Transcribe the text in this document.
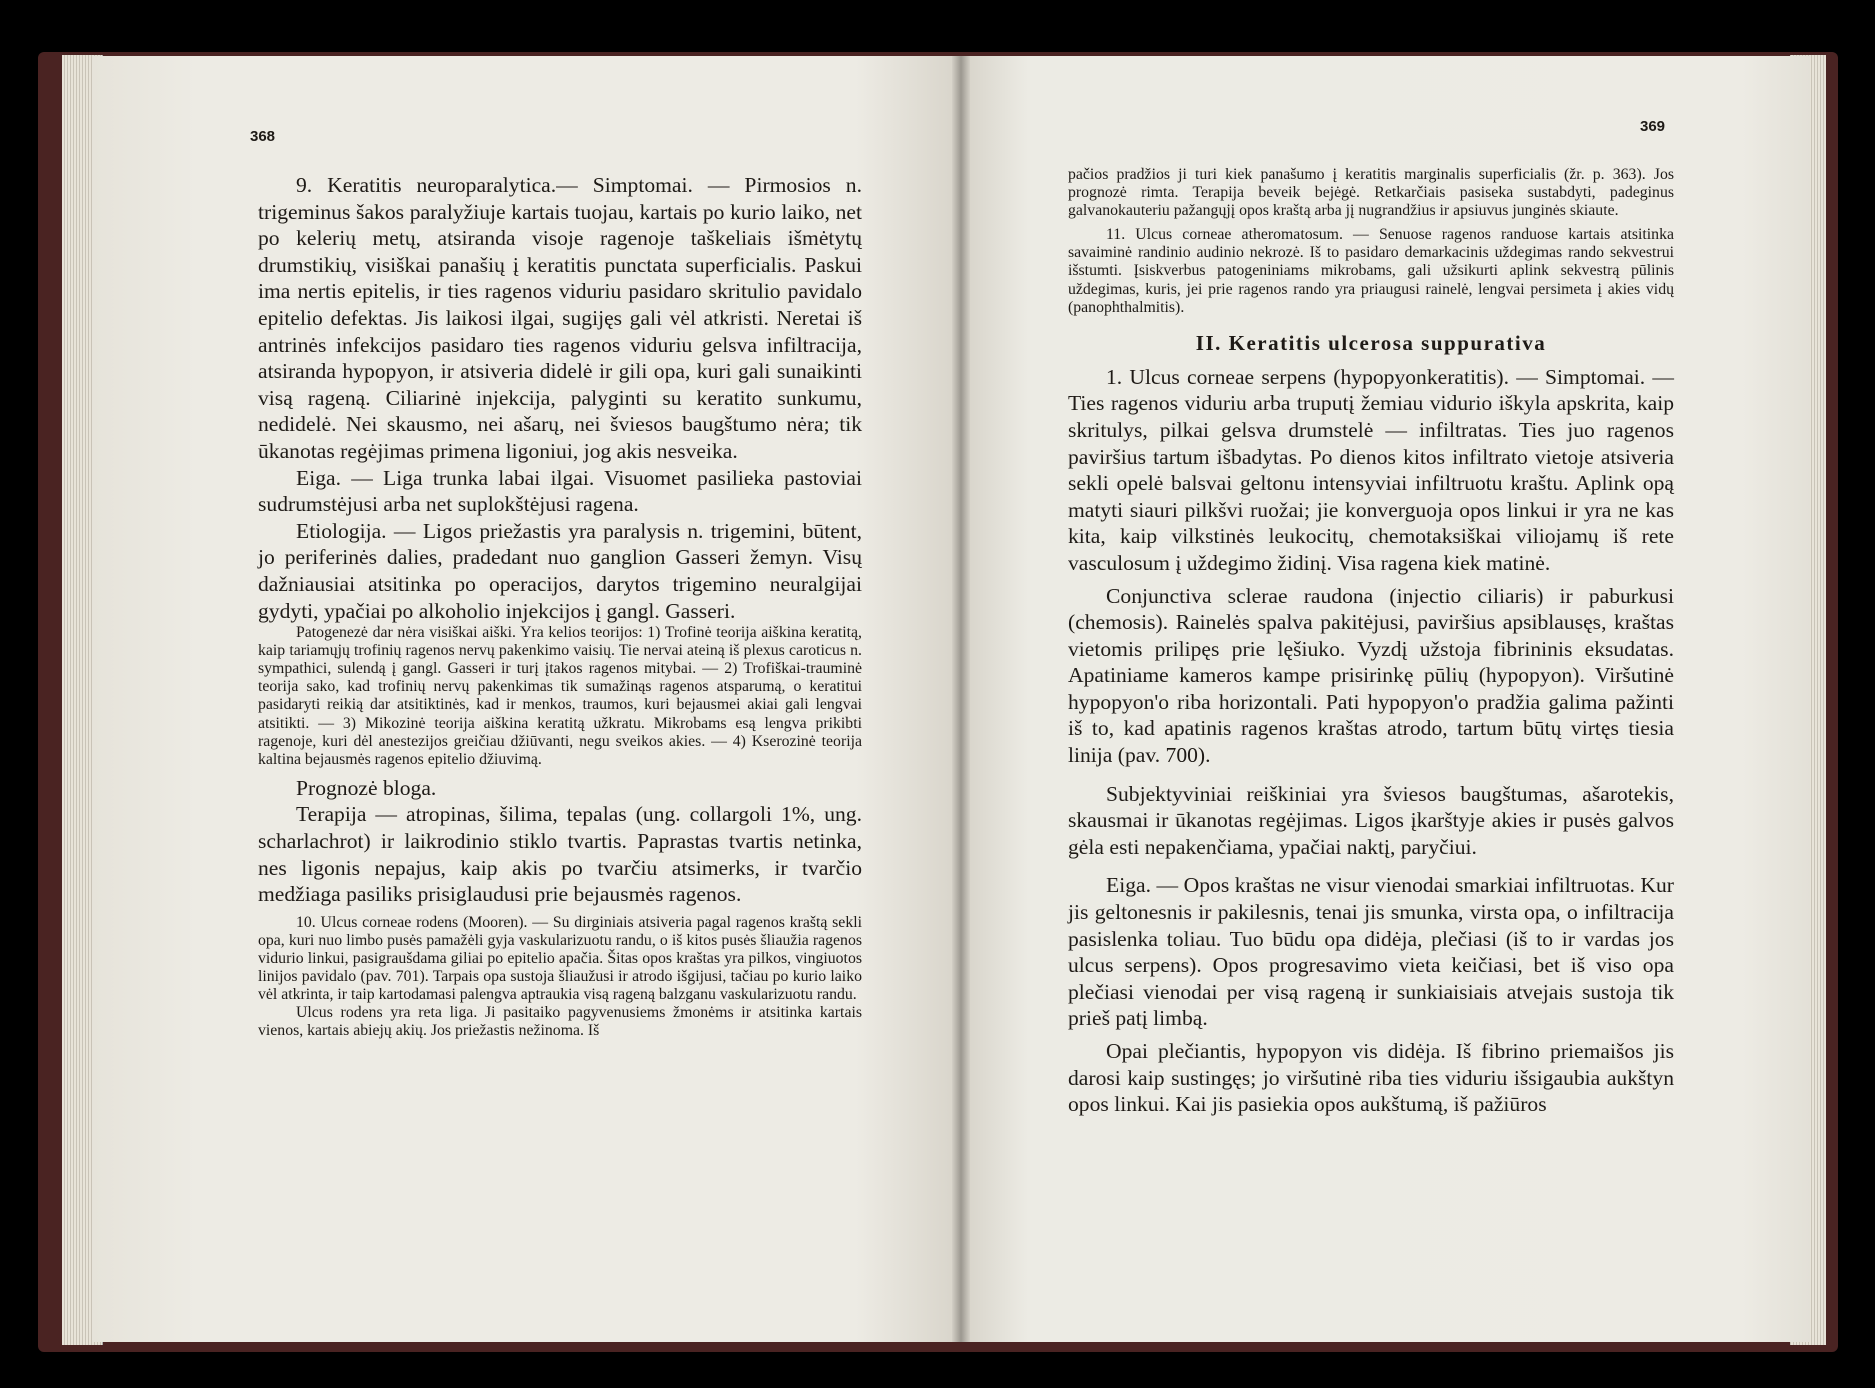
368

9. Keratitis neuroparalytica.— Simptomai. — Pirmosios n. trigeminus šakos paralyžiuje kartais tuojau, kartais po kurio laiko, net po kelerių metų, atsiranda visoje ragenoje taškeliais išmėtytų drumstikių, visiškai panašių į keratitis punctata superficialis. Paskui ima nertis epitelis, ir ties ragenos viduriu pasidaro skritulio pavidalo epitelio defektas. Jis laikosi ilgai, sugijęs gali vėl atkristi. Neretai iš antrinės infekcijos pasidaro ties ragenos viduriu gelsva infiltracija, atsiranda hypopyon, ir atsiveria didelė ir gili opa, kuri gali sunaikinti visą rageną. Ciliarinė injekcija, palyginti su keratito sunkumu, nedidelė. Nei skausmo, nei ašarų, nei šviesos baugštumo nėra; tik ūkanotas regėjimas primena ligoniui, jog akis nesveika.

Eiga. — Liga trunka labai ilgai. Visuomet pasilieka pastoviai sudrumstėjusi arba net suplokštėjusi ragena.

Etiologija. — Ligos priežastis yra paralysis n. trigemini, būtent, jo periferinės dalies, pradedant nuo ganglion Gasseri žemyn. Visų dažniausiai atsitinka po operacijos, darytos trigemino neuralgijai gydyti, ypačiai po alkoholio injekcijos į gangl. Gasseri.

Patogenezė dar nėra visiškai aiški. Yra kelios teorijos: 1) Trofinė teorija aiškina keratitą, kaip tariamųjų trofinių ragenos nervų pakenkimo vaisių. Tie nervai ateiną iš plexus caroticus n. sympathici, sulendą į gangl. Gasseri ir turį įtakos ragenos mitybai. — 2) Trofiškai-trauminė teorija sako, kad trofinių nervų pakenkimas tik sumažinąs ragenos atsparumą, o keratitui pasidaryti reikią dar atsitiktinės, kad ir menkos, traumos, kuri bejausmei akiai gali lengvai atsitikti. — 3) Mikozinė teorija aiškina keratitą užkratu. Mikrobams esą lengva prikibti ragenoje, kuri dėl anestezijos greičiau džiūvanti, negu sveikos akies. — 4) Kserozinė teorija kaltina bejausmės ragenos epitelio džiuvimą.

Prognozė bloga.

Terapija — atropinas, šilima, tepalas (ung. collargoli 1%, ung. scharlachrot) ir laikrodinio stiklo tvartis. Paprastas tvartis netinka, nes ligonis nepajus, kaip akis po tvarčiu atsimerks, ir tvarčio medžiaga pasiliks prisiglaudusi prie bejausmės ragenos.

10. Ulcus corneae rodens (Mooren). — Su dirginiais atsiveria pagal ragenos kraštą sekli opa, kuri nuo limbo pusės pamažėli gyja vaskularizuotu randu, o iš kitos pusės šliaužia ragenos vidurio linkui, pasigraušdama giliai po epitelio apačia. Šitas opos kraštas yra pilkos, vingiuotos linijos pavidalo (pav. 701). Tarpais opa sustoja šliaužusi ir atrodo išgijusi, tačiau po kurio laiko vėl atkrinta, ir taip kartodamasi palengva aptraukia visą rageną balzganu vaskularizuotu randu.

Ulcus rodens yra reta liga. Ji pasitaiko pagyvenusiems žmonėms ir atsitinka kartais vienos, kartais abiejų akių. Jos priežastis nežinoma. Iš

369

pačios pradžios ji turi kiek panašumo į keratitis marginalis superficialis (žr. p. 363). Jos prognozė rimta. Terapija beveik bejėgė. Retkarčiais pasiseka sustabdyti, padeginus galvanokauteriu pažangųjį opos kraštą arba jį nugrandžius ir apsiuvus junginės skiaute.

11. Ulcus corneae atheromatosum. — Senuose ragenos randuose kartais atsitinka savaiminė randinio audinio nekrozė. Iš to pasidaro demarkacinis uždegimas rando sekvestrui išstumti. Įsiskverbus patogeniniams mikrobams, gali užsikurti aplink sekvestrą pūlinis uždegimas, kuris, jei prie ragenos rando yra priaugusi rainelė, lengvai persimeta į akies vidų (panophthalmitis).

II. Keratitis ulcerosa suppurativa

1. Ulcus corneae serpens (hypopyonkeratitis). — Simptomai. — Ties ragenos viduriu arba truputį žemiau vidurio iškyla apskrita, kaip skritulys, pilkai gelsva drumstelė — infiltratas. Ties juo ragenos paviršius tartum išbadytas. Po dienos kitos infiltrato vietoje atsiveria sekli opelė balsvai geltonu intensyviai infiltruotu kraštu. Aplink opą matyti siauri pilkšvi ruožai; jie konverguoja opos linkui ir yra ne kas kita, kaip vilkstinės leukocitų, chemotaksiškai viliojamų iš rete vasculosum į uždegimo židinį. Visa ragena kiek matinė.

Conjunctiva sclerae raudona (injectio ciliaris) ir paburkusi (chemosis). Rainelės spalva pakitėjusi, paviršius apsiblausęs, kraštas vietomis prilipęs prie lęšiuko. Vyzdį užstoja fibrininis eksudatas. Apatiniame kameros kampe prisirinkę pūlių (hypopyon). Viršutinė hypopyon'o riba horizontali. Pati hypopyon'o pradžia galima pažinti iš to, kad apatinis ragenos kraštas atrodo, tartum būtų virtęs tiesia linija (pav. 700).

Subjektyviniai reiškiniai yra šviesos baugštumas, ašarotekis, skausmai ir ūkanotas regėjimas. Ligos įkarštyje akies ir pusės galvos gėla esti nepakenčiama, ypačiai naktį, paryčiui.

Eiga. — Opos kraštas ne visur vienodai smarkiai infiltruotas. Kur jis geltonesnis ir pakilesnis, tenai jis smunka, virsta opa, o infiltracija pasislenka toliau. Tuo būdu opa didėja, plečiasi (iš to ir vardas jos ulcus serpens). Opos progresavimo vieta keičiasi, bet iš viso opa plečiasi vienodai per visą rageną ir sunkiaisiais atvejais sustoja tik prieš patį limbą.

Opai plečiantis, hypopyon vis didėja. Iš fibrino priemaišos jis darosi kaip sustingęs; jo viršutinė riba ties viduriu išsigaubia aukštyn opos linkui. Kai jis pasiekia opos aukštumą, iš pažiūros
